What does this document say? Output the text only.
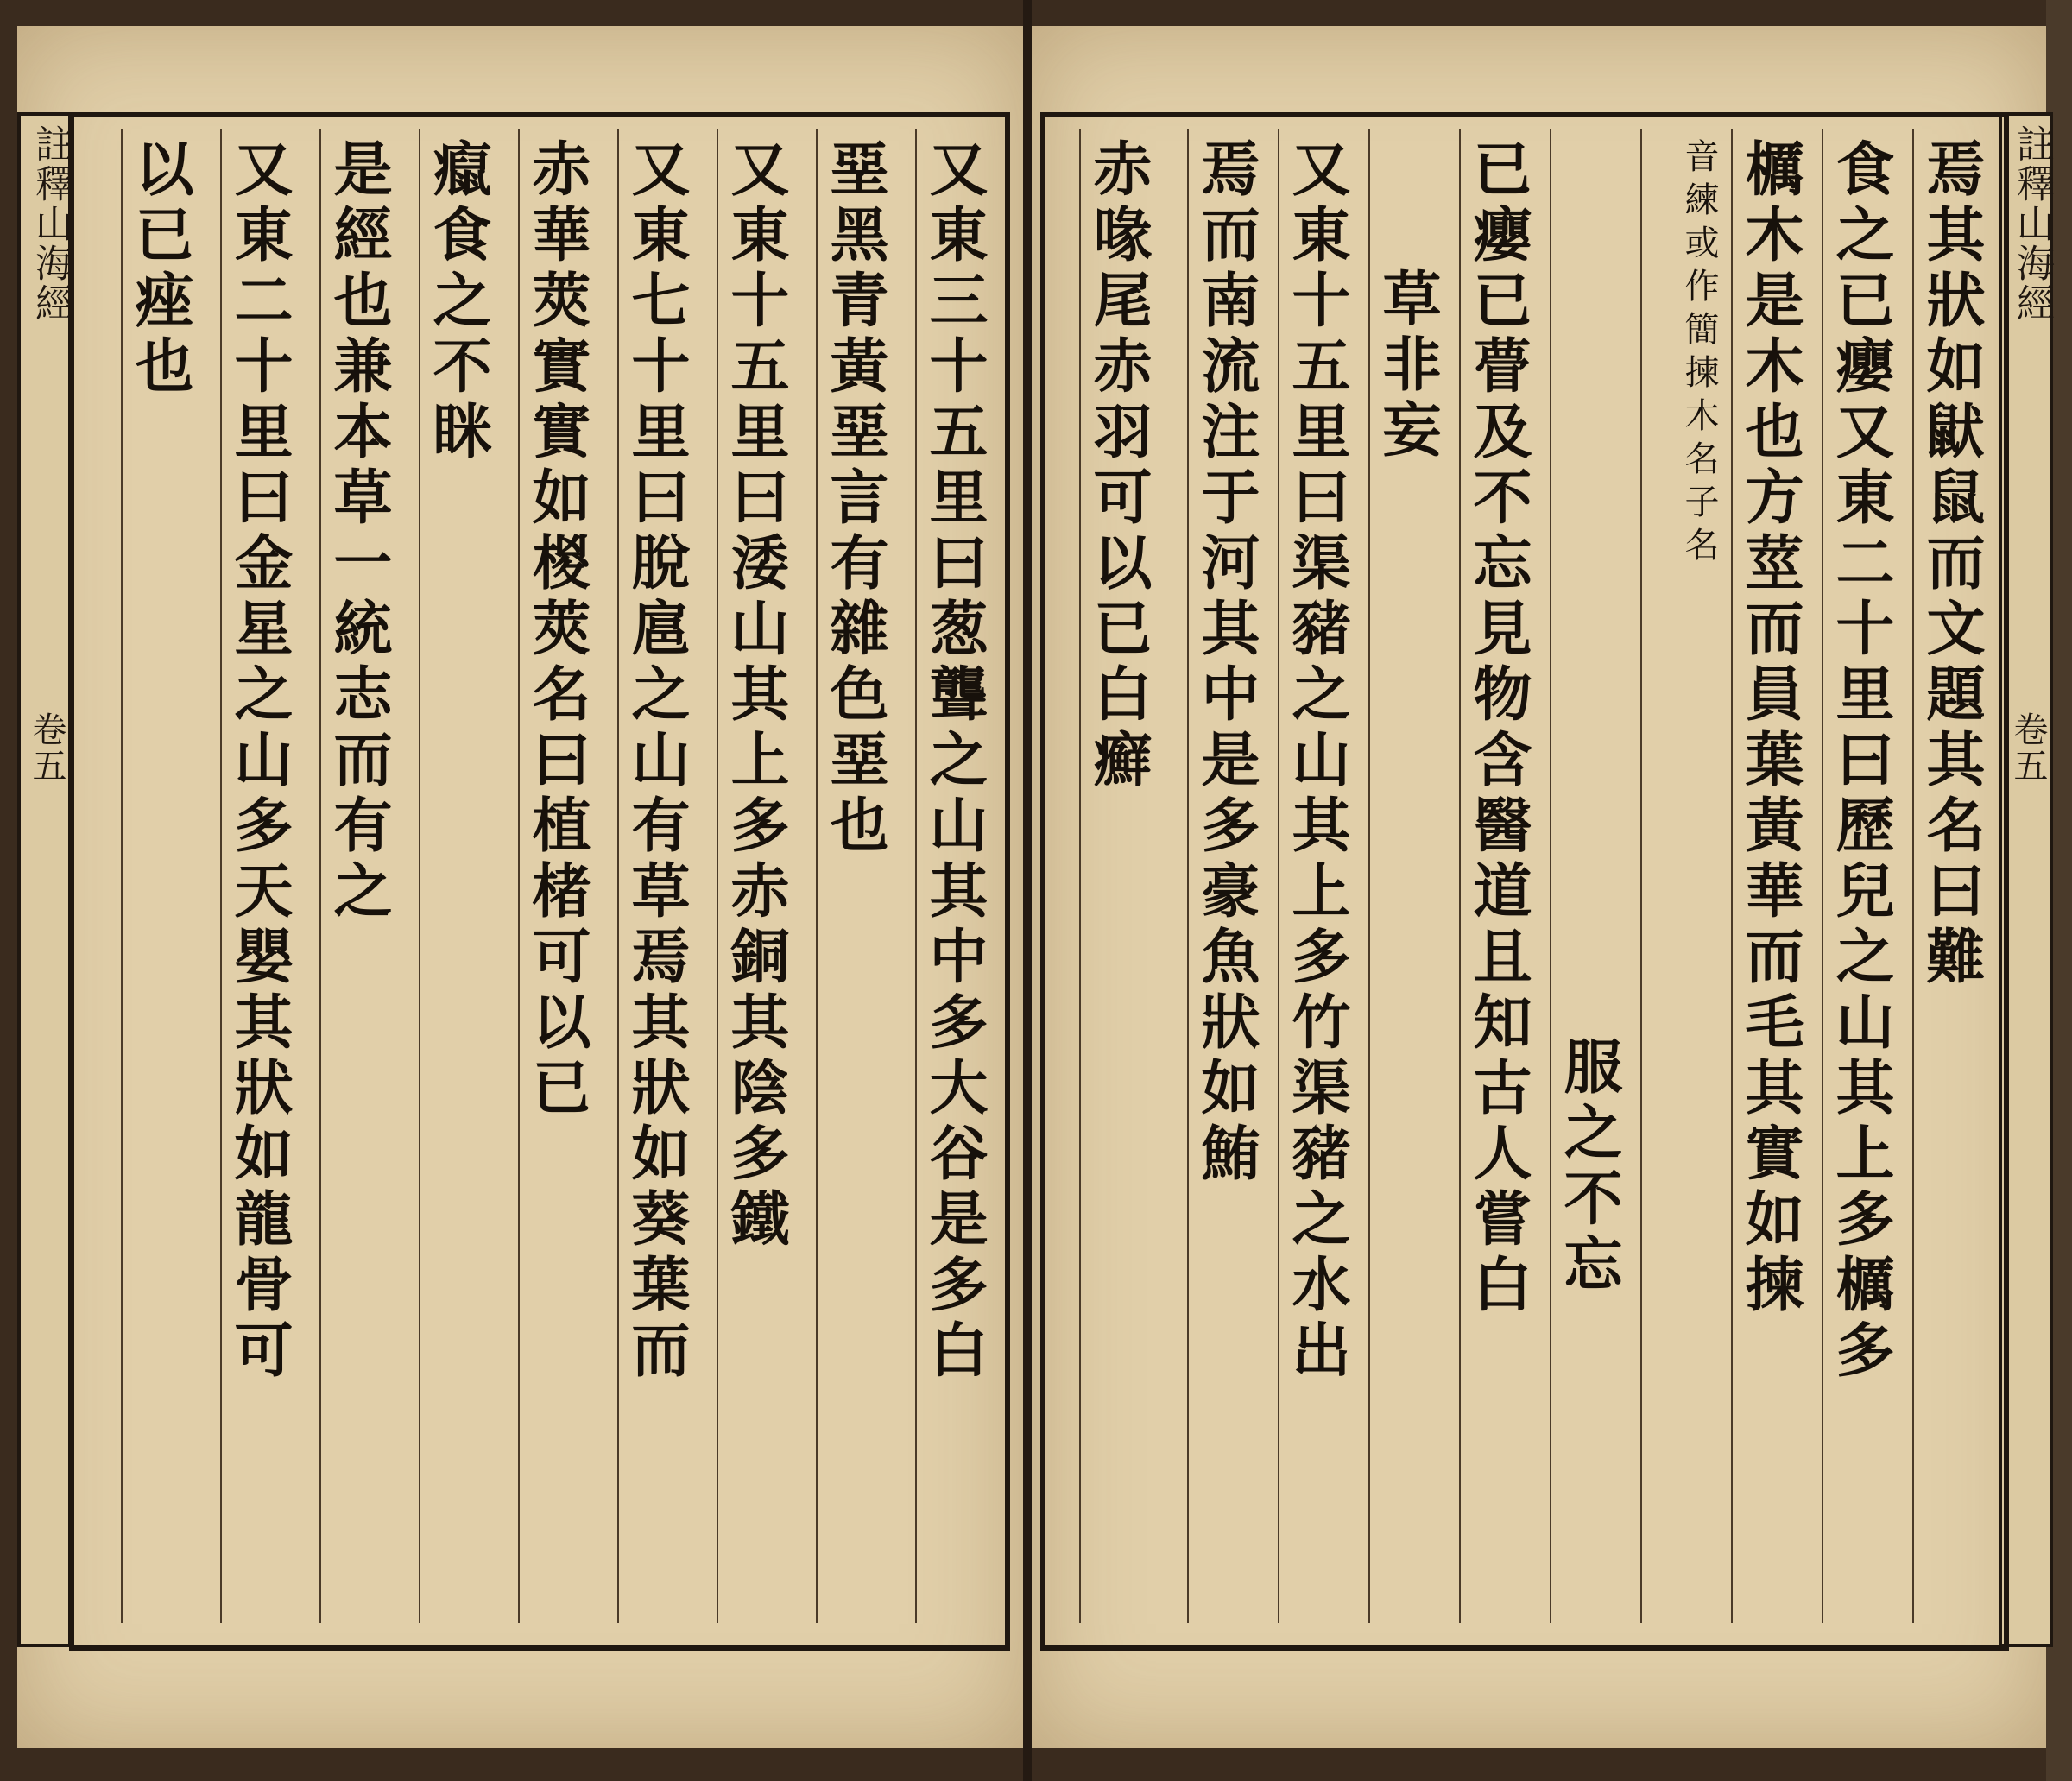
註釋山海經
卷五
註釋山海經
卷五
又東三十五里曰葱聾之山其中多大谷是多白
堊黑青黃堊言有雜色堊也
又東十五里曰涹山其上多赤銅其陰多鐵
又東七十里曰脫扈之山有草焉其狀如葵葉而
赤華莢實實如椶莢名曰植楮可以已
癙食之不眯
是經也兼本草一統志而有之
又東二十里曰金星之山多天嬰其狀如龍骨可
以已痤也	焉其狀如鼣鼠而文題其名曰難
食之已癭又東二十里曰歷兒之山其上多櫔多
櫔木是木也方莖而員葉黃華而毛其實如揀
音練或作簡揀木名子名
服之不忘
已癭已瞢及不忘見物含醫道且知古人嘗白
草非妄
又東十五里曰渠豬之山其上多竹渠豬之水出
焉而南流注于河其中是多豪魚狀如鮪
赤喙尾赤羽可以已白癬
